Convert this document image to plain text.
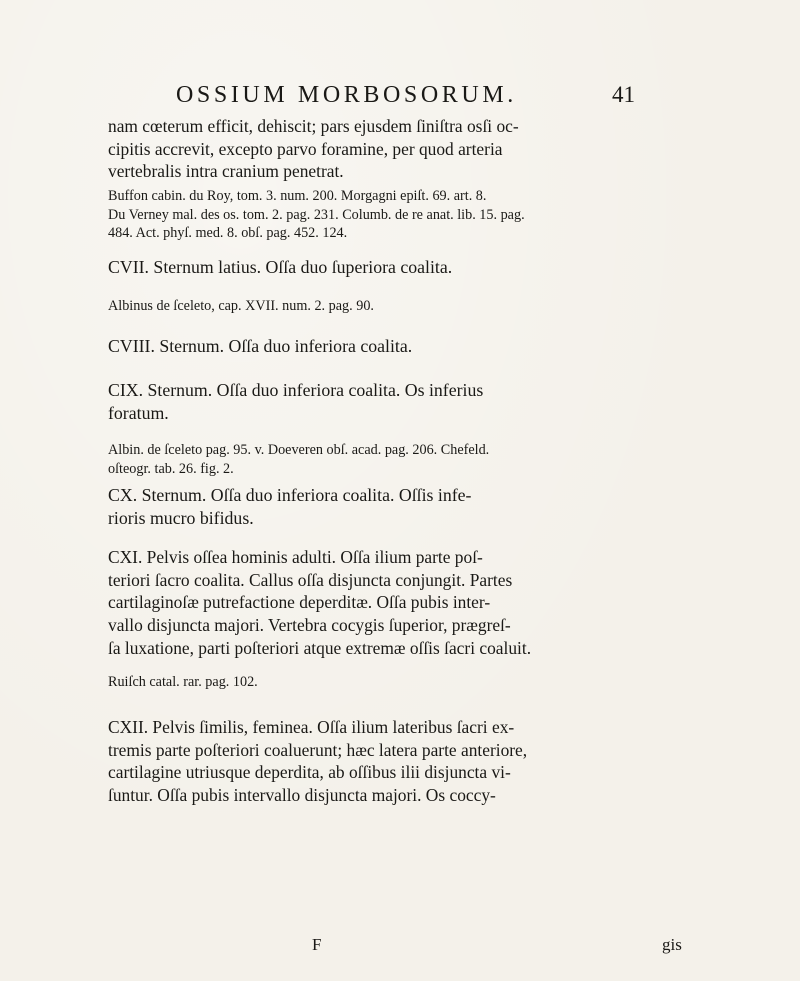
OSSIUM MORBOSORUM.	41
nam cœterum efficit, dehiscit; pars ejusdem ſiniſtra osſi oc-
cipitis accrevit, excepto parvo foramine, per quod arteria
vertebralis intra cranium penetrat.
Buffon cabin. du Roy, tom. 3. num. 200. Morgagni epiſt. 69. art. 8.
Du Verney mal. des os. tom. 2. pag. 231. Columb. de re anat. lib. 15. pag.
484. Act. phyſ. med. 8. obſ. pag. 452. 124.
CVII. Sternum latius. Oſſa duo ſuperiora coalita.
Albinus de ſceleto, cap. XVII. num. 2. pag. 90.
CVIII. Sternum. Oſſa duo inferiora coalita.
CIX. Sternum. Oſſa duo inferiora coalita. Os inferius
foratum.
Albin. de ſceleto pag. 95. v. Doeveren obſ. acad. pag. 206. Chefeld.
oſteogr. tab. 26. fig. 2.
CX. Sternum. Oſſa duo inferiora coalita. Oſſis infe-
rioris mucro bifidus.
CXI. Pelvis oſſea hominis adulti. Oſſa ilium parte poſ-
teriori ſacro coalita. Callus oſſa disjuncta conjungit. Partes
cartilaginoſæ putrefactione deperditæ. Oſſa pubis inter-
vallo disjuncta majori. Vertebra cocygis ſuperior, prægreſ-
ſa luxatione, parti poſteriori atque extremæ oſſis ſacri coaluit.
Ruiſch catal. rar. pag. 102.
CXII. Pelvis ſimilis, feminea. Oſſa ilium lateribus ſacri ex-
tremis parte poſteriori coaluerunt; hæc latera parte anteriore,
cartilagine utriusque deperdita, ab oſſibus ilii disjuncta vi-
ſuntur. Oſſa pubis intervallo disjuncta majori. Os coccy-
F	gis
